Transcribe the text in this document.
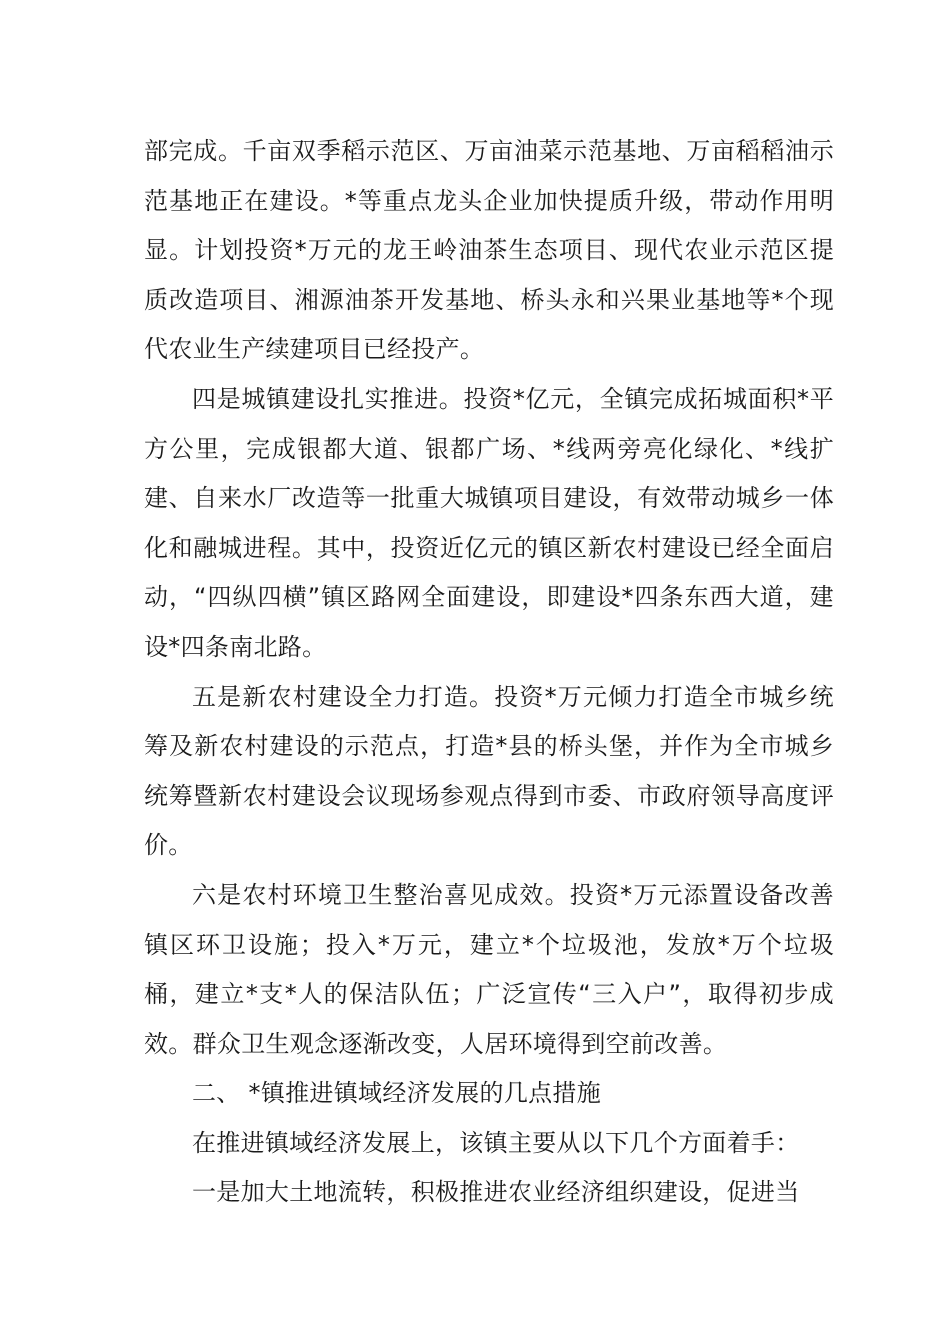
部完成。千亩双季稻示范区、万亩油菜示范基地、万亩稻稻油示范基地正在建设。*等重点龙头企业加快提质升级，带动作用明显。计划投资*万元的龙王岭油茶生态项目、现代农业示范区提质改造项目、湘源油茶开发基地、桥头永和兴果业基地等*个现代农业生产续建项目已经投产。

四是城镇建设扎实推进。投资*亿元，全镇完成拓城面积*平方公里，完成银都大道、银都广场、*线两旁亮化绿化、*线扩建、自来水厂改造等一批重大城镇项目建设，有效带动城乡一体化和融城进程。其中，投资近亿元的镇区新农村建设已经全面启动，“四纵四横”镇区路网全面建设，即建设*四条东西大道，建设*四条南北路。

五是新农村建设全力打造。投资*万元倾力打造全市城乡统筹及新农村建设的示范点，打造*县的桥头堡，并作为全市城乡统筹暨新农村建设会议现场参观点得到市委、市政府领导高度评价。

六是农村环境卫生整治喜见成效。投资*万元添置设备改善镇区环卫设施；投入*万元，建立*个垃圾池，发放*万个垃圾桶，建立*支*人的保洁队伍；广泛宣传“三入户”，取得初步成效。群众卫生观念逐渐改变，人居环境得到空前改善。

二、 *镇推进镇域经济发展的几点措施

在推进镇域经济发展上，该镇主要从以下几个方面着手：

一是加大土地流转，积极推进农业经济组织建设，促进当
